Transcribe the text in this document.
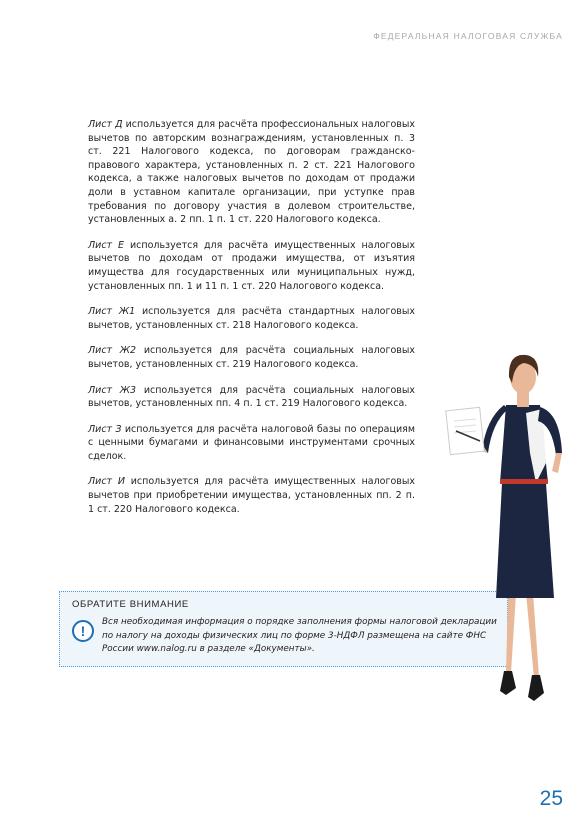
ФЕДЕРАЛЬНАЯ НАЛОГОВАЯ СЛУЖБА

Лист Д используется для расчёта профессиональных налоговых вычетов по авторским вознаграждениям, установленных п. 3 ст. 221 Налогового кодекса, по договорам гражданско-правового характера, установленных п. 2 ст. 221 Налогового кодекса, а также налоговых вычетов по доходам от продажи доли в уставном капитале организации, при уступке прав требования по договору участия в долевом строительстве, установленных а. 2 пп. 1 п. 1 ст. 220 Налогового кодекса.

Лист Е используется для расчёта имущественных налоговых вычетов по доходам от продажи имущества, от изъятия имущества для государственных или муниципальных нужд, установленных пп. 1 и 11 п. 1 ст. 220 Налогового кодекса.

Лист Ж1 используется для расчёта стандартных налоговых вычетов, установленных ст. 218 Налогового кодекса.

Лист Ж2 используется для расчёта социальных налоговых вычетов, установленных ст. 219 Налогового кодекса.

Лист Ж3 используется для расчёта социальных налоговых вычетов, установленных пп. 4 п. 1 ст. 219 Налогового кодекса.

Лист З используется для расчёта налоговой базы по операциям с ценными бумагами и финансовыми инструментами срочных сделок.

Лист И используется для расчёта имущественных налоговых вычетов при приобретении имущества, установленных пп. 2 п. 1 ст. 220 Налогового кодекса.

ОБРАТИТЕ ВНИМАНИЕ
!
Вся необходимая информация о порядке заполнения формы налоговой декларации по налогу на доходы физических лиц по форме 3-НДФЛ размещена на сайте ФНС России www.nalog.ru в разделе «Документы».
25
